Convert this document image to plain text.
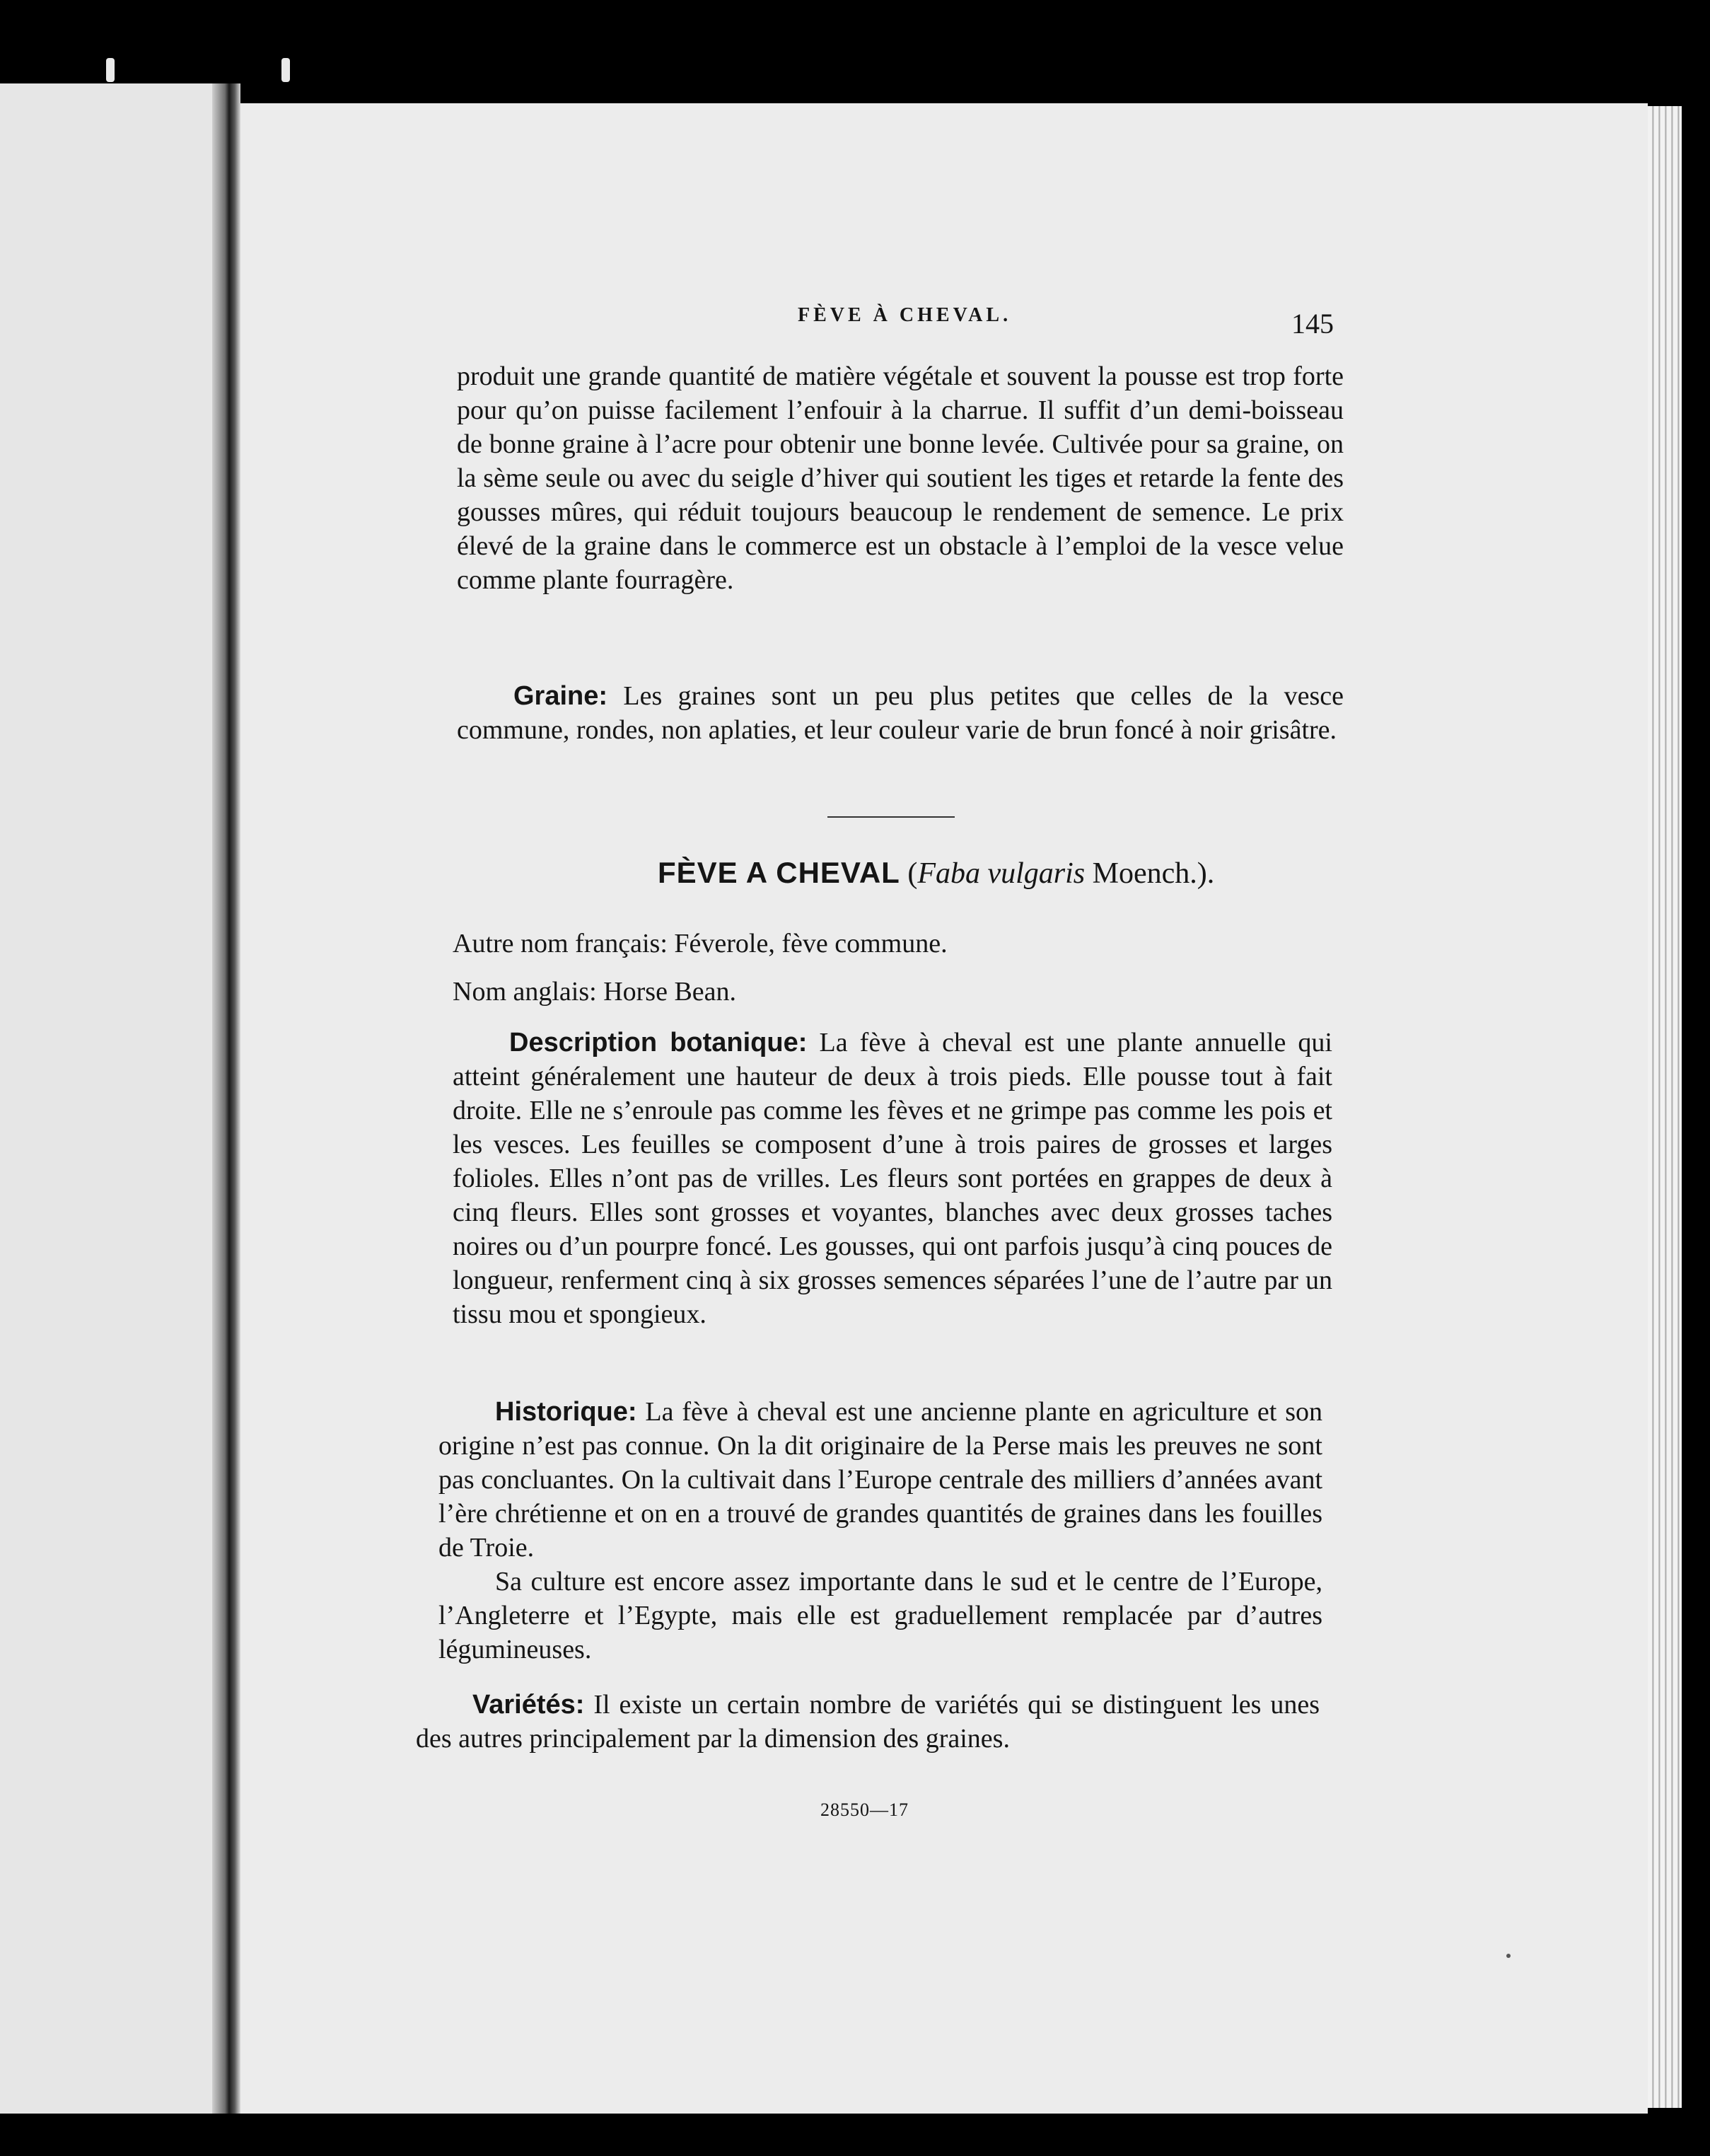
FÈVE À CHEVAL.	145

produit une grande quantité de matière végétale et souvent la pousse est trop forte pour qu’on puisse facilement l’enfouir à la charrue. Il suffit d’un demi-boisseau de bonne graine à l’acre pour obtenir une bonne levée. Cultivée pour sa graine, on la sème seule ou avec du seigle d’hiver qui soutient les tiges et retarde la fente des gousses mûres, qui réduit toujours beaucoup le rendement de semence. Le prix élevé de la graine dans le commerce est un obstacle à l’emploi de la vesce velue comme plante fourragère.

Graine: Les graines sont un peu plus petites que celles de la vesce commune, rondes, non aplaties, et leur couleur varie de brun foncé à noir grisâtre.

FÈVE A CHEVAL (Faba vulgaris Moench.).
Autre nom français: Féverole, fève commune.
Nom anglais: Horse Bean.

Description botanique: La fève à cheval est une plante annuelle qui atteint généralement une hauteur de deux à trois pieds. Elle pousse tout à fait droite. Elle ne s’enroule pas comme les fèves et ne grimpe pas comme les pois et les vesces. Les feuilles se composent d’une à trois paires de grosses et larges folioles. Elles n’ont pas de vrilles. Les fleurs sont portées en grappes de deux à cinq fleurs. Elles sont grosses et voyantes, blanches avec deux grosses taches noires ou d’un pourpre foncé. Les gousses, qui ont parfois jusqu’à cinq pouces de longueur, renferment cinq à six grosses semences séparées l’une de l’autre par un tissu mou et spongieux.

Historique: La fève à cheval est une ancienne plante en agriculture et son origine n’est pas connue. On la dit originaire de la Perse mais les preuves ne sont pas concluantes. On la cultivait dans l’Europe centrale des milliers d’années avant l’ère chrétienne et on en a trouvé de grandes quantités de graines dans les fouilles de Troie.

Sa culture est encore assez importante dans le sud et le centre de l’Europe, l’Angleterre et l’Egypte, mais elle est graduellement remplacée par d’autres légumineuses.

Variétés: Il existe un certain nombre de variétés qui se distinguent les unes des autres principalement par la dimension des graines.

28550—17
